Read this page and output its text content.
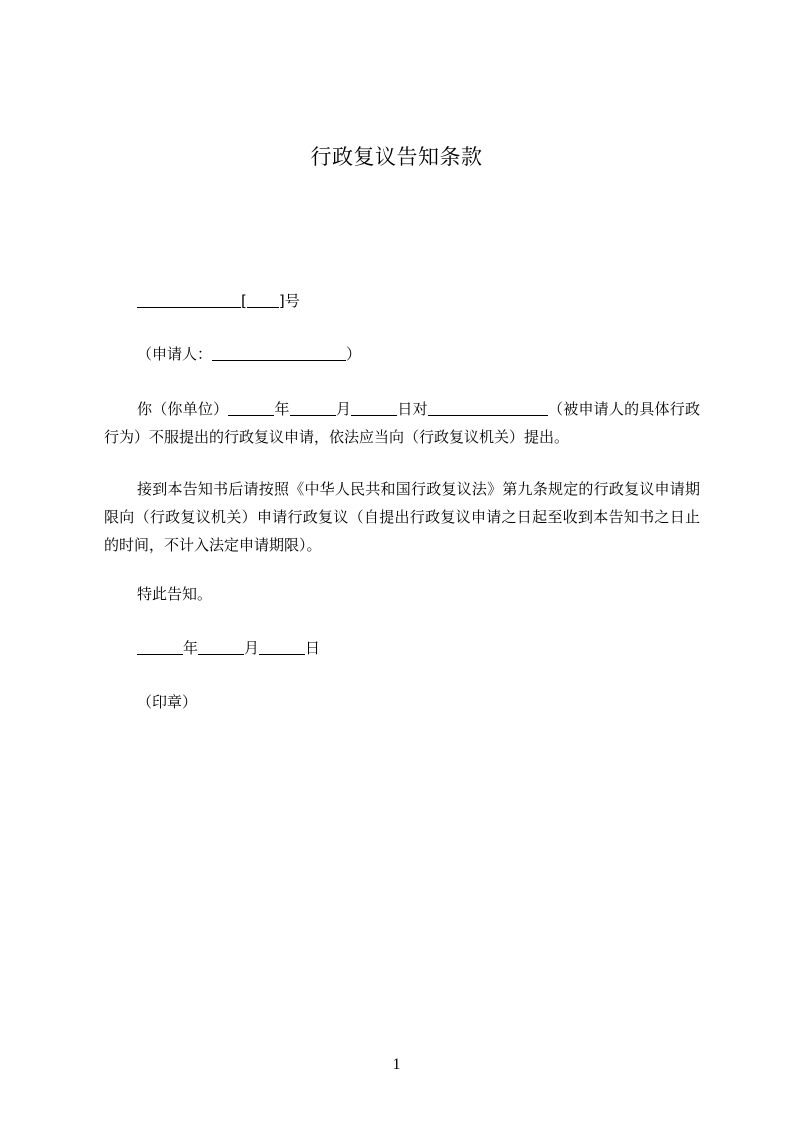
行政复议告知条款
[ ]号
（申请人：	）
你（你单位）	年	月	日对	（被申请人的具体行政行为）不服提出的行政复议申请，依法应当向（行政复议机关）提出。
接到本告知书后请按照《中华人民共和国行政复议法》第九条规定的行政复议申请期限向（行政复议机关）申请行政复议（自提出行政复议申请之日起至收到本告知书之日止的时间，不计入法定申请期限）。
特此告知。
年	月	日
（印章）
1
